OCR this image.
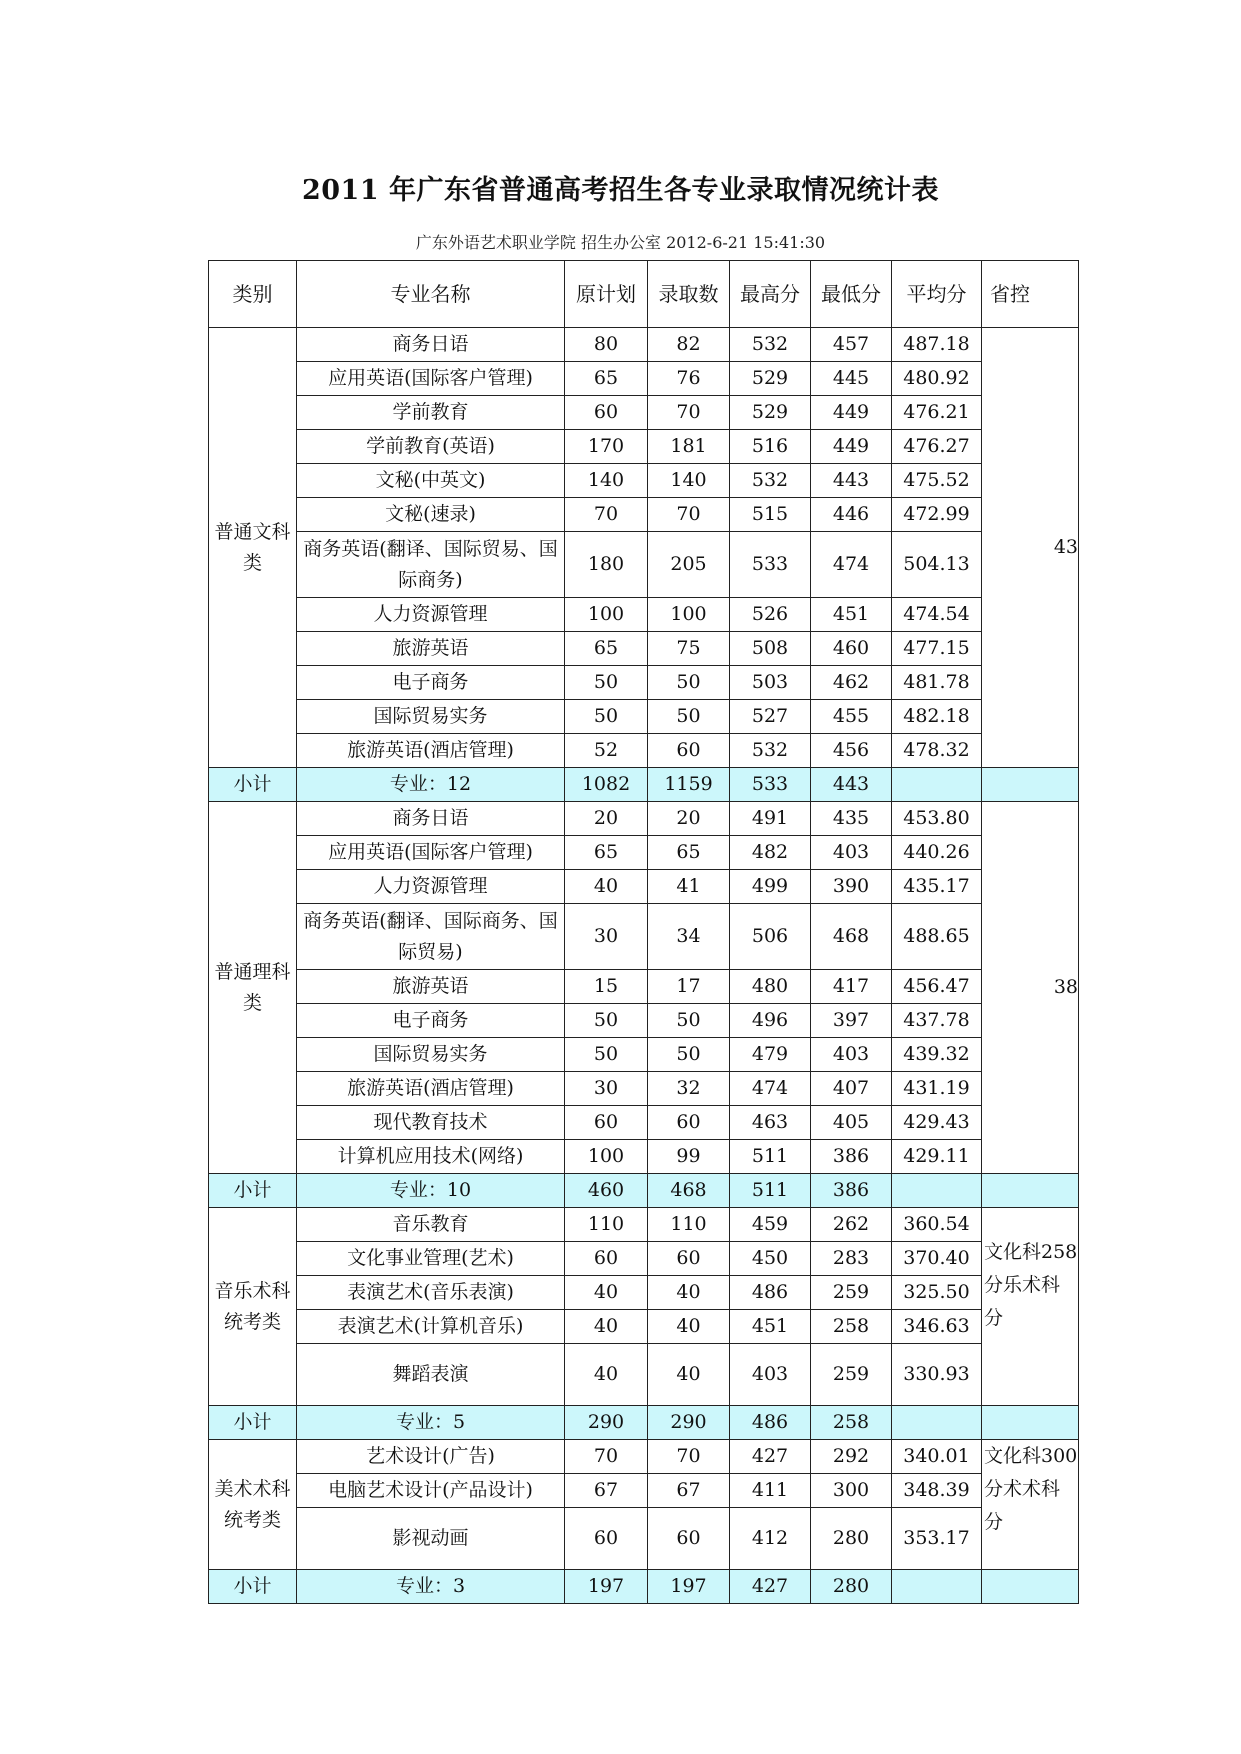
2011 年广东省普通高考招生各专业录取情况统计表
广东外语艺术职业学院 招生办公室 2012-6-21 15:41:30
类别	专业名称	原计划	录取数	最高分	最低分	平均分	省控
普通文科类	商务日语	80	82	532	457	487.18	43
	应用英语(国际客户管理)	65	76	529	445	480.92	
	学前教育	60	70	529	449	476.21	
	学前教育(英语)	170	181	516	449	476.27	
	文秘(中英文)	140	140	532	443	475.52	
	文秘(速录)	70	70	515	446	472.99	
	商务英语(翻译、国际贸易、国际商务)	180	205	533	474	504.13	
	人力资源管理	100	100	526	451	474.54	
	旅游英语	65	75	508	460	477.15	
	电子商务	50	50	503	462	481.78	
	国际贸易实务	50	50	527	455	482.18	
	旅游英语(酒店管理)	52	60	532	456	478.32	
小计	专业：12	1082	1159	533	443		
普通理科类	商务日语	20	20	491	435	453.80	38
	应用英语(国际客户管理)	65	65	482	403	440.26	
	人力资源管理	40	41	499	390	435.17	
	商务英语(翻译、国际商务、国际贸易)	30	34	506	468	488.65	
	旅游英语	15	17	480	417	456.47	
	电子商务	50	50	496	397	437.78	
	国际贸易实务	50	50	479	403	439.32	
	旅游英语(酒店管理)	30	32	474	407	431.19	
	现代教育技术	60	60	463	405	429.43	
	计算机应用技术(网络)	100	99	511	386	429.11	
小计	专业：10	460	468	511	386		
音乐术科统考类	音乐教育	110	110	459	262	360.54	文化科258 分乐术科分
	文化事业管理(艺术)	60	60	450	283	370.40	
	表演艺术(音乐表演)	40	40	486	259	325.50	
	表演艺术(计算机音乐)	40	40	451	258	346.63	
	舞蹈表演	40	40	403	259	330.93	
小计	专业：5	290	290	486	258		
美术术科统考类	艺术设计(广告)	70	70	427	292	340.01	文化科300 分术术科分
	电脑艺术设计(产品设计)	67	67	411	300	348.39	
	影视动画	60	60	412	280	353.17	
小计	专业：3	197	197	427	280		
